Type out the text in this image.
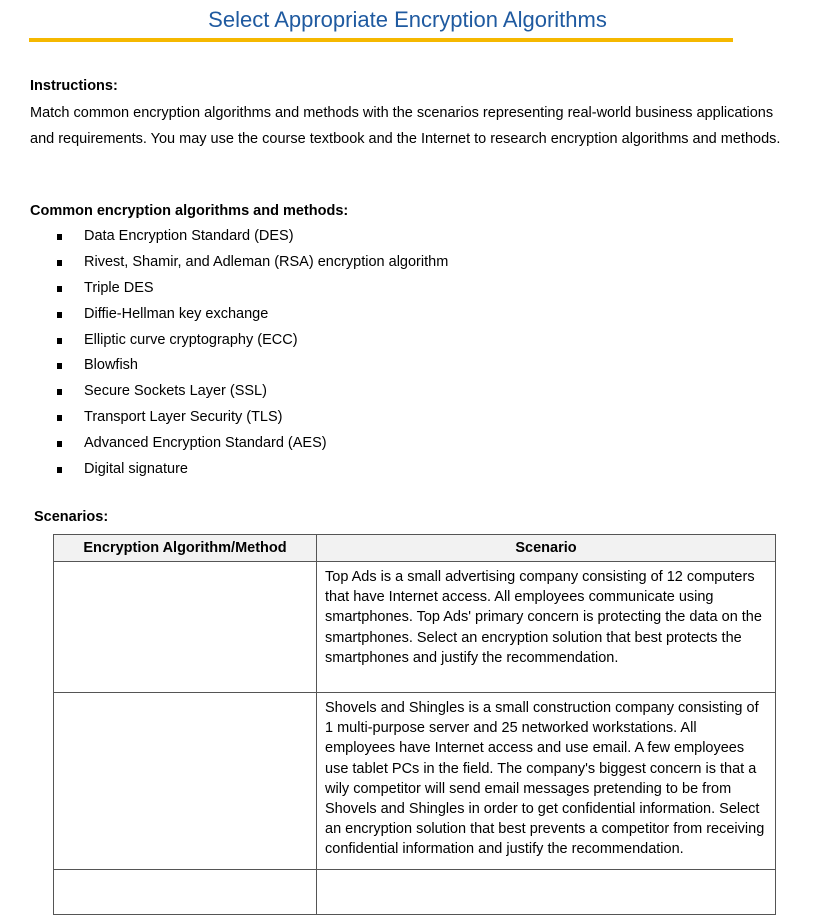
Select Appropriate Encryption Algorithms
Instructions:
Match common encryption algorithms and methods with the scenarios representing real-world business applications and requirements. You may use the course textbook and the Internet to research encryption algorithms and methods.
Common encryption algorithms and methods:
Data Encryption Standard (DES)
Rivest, Shamir, and Adleman (RSA) encryption algorithm
Triple DES
Diffie-Hellman key exchange
Elliptic curve cryptography (ECC)
Blowfish
Secure Sockets Layer (SSL)
Transport Layer Security (TLS)
Advanced Encryption Standard (AES)
Digital signature
Scenarios:
Encryption Algorithm/Method	Scenario
	Top Ads is a small advertising company consisting of 12 computers that have Internet access. All employees communicate using smartphones. Top Ads' primary concern is protecting the data on the smartphones. Select an encryption solution that best protects the smartphones and justify the recommendation.
	Shovels and Shingles is a small construction company consisting of 1 multi-purpose server and 25 networked workstations. All employees have Internet access and use email. A few employees use tablet PCs in the field. The company's biggest concern is that a wily competitor will send email messages pretending to be from Shovels and Shingles in order to get confidential information. Select an encryption solution that best prevents a competitor from receiving confidential information and justify the recommendation.
